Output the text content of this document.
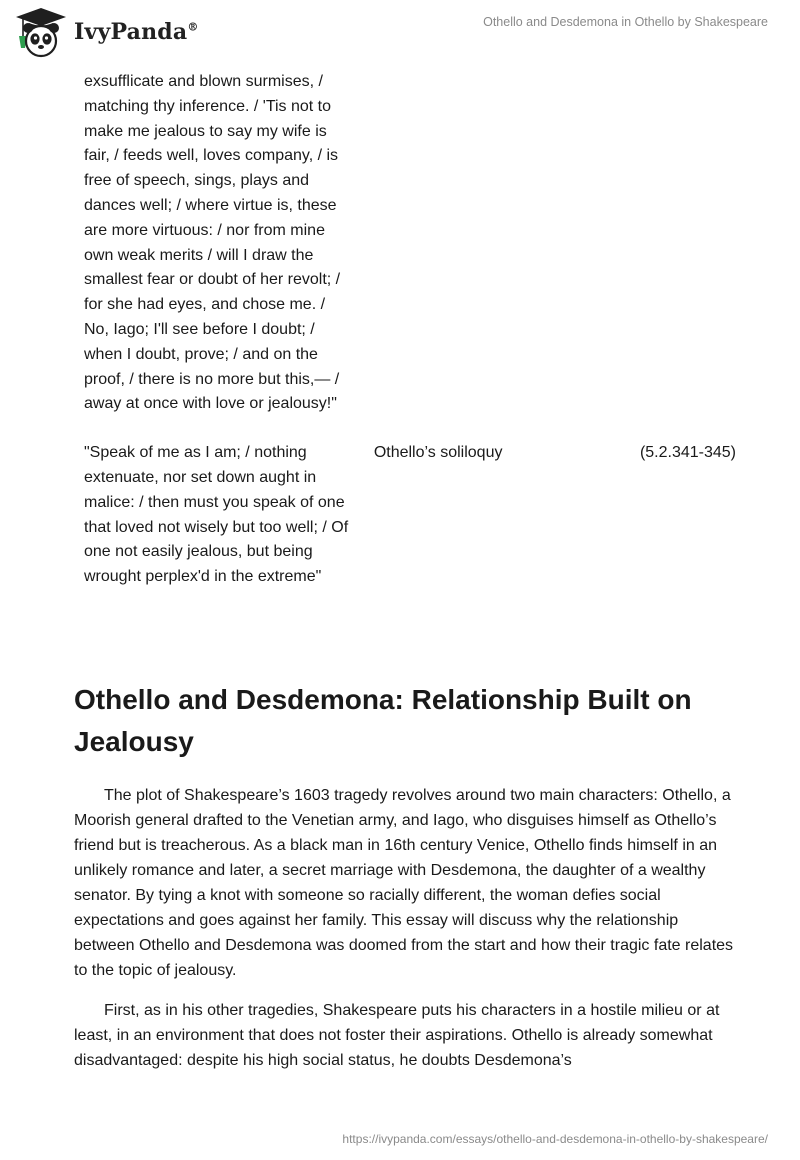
IvyPanda®	Othello and Desdemona in Othello by Shakespeare
exsufflicate and blown surmises, / matching thy inference. / 'Tis not to make me jealous to say my wife is fair, / feeds well, loves company, / is free of speech, sings, plays and dances well; / where virtue is, these are more virtuous: / nor from mine own weak merits / will I draw the smallest fear or doubt of her revolt; / for she had eyes, and chose me. / No, Iago; I'll see before I doubt; / when I doubt, prove; / and on the proof, / there is no more but this,— / away at once with love or jealousy!"		

"Speak of me as I am; / nothing extenuate, nor set down aught in malice: / then must you speak of one that loved not wisely but too well; / Of one not easily jealous, but being wrought perplex'd in the extreme"	Othello’s soliloquy	(5.2.341-345)
Othello and Desdemona: Relationship Built on Jealousy

The plot of Shakespeare’s 1603 tragedy revolves around two main characters: Othello, a Moorish general drafted to the Venetian army, and Iago, who disguises himself as Othello’s friend but is treacherous. As a black man in 16th century Venice, Othello finds himself in an unlikely romance and later, a secret marriage with Desdemona, the daughter of a wealthy senator. By tying a knot with someone so racially different, the woman defies social expectations and goes against her family. This essay will discuss why the relationship between Othello and Desdemona was doomed from the start and how their tragic fate relates to the topic of jealousy.

First, as in his other tragedies, Shakespeare puts his characters in a hostile milieu or at least, in an environment that does not foster their aspirations. Othello is already somewhat disadvantaged: despite his high social status, he doubts Desdemona’s

https://ivypanda.com/essays/othello-and-desdemona-in-othello-by-shakespeare/
